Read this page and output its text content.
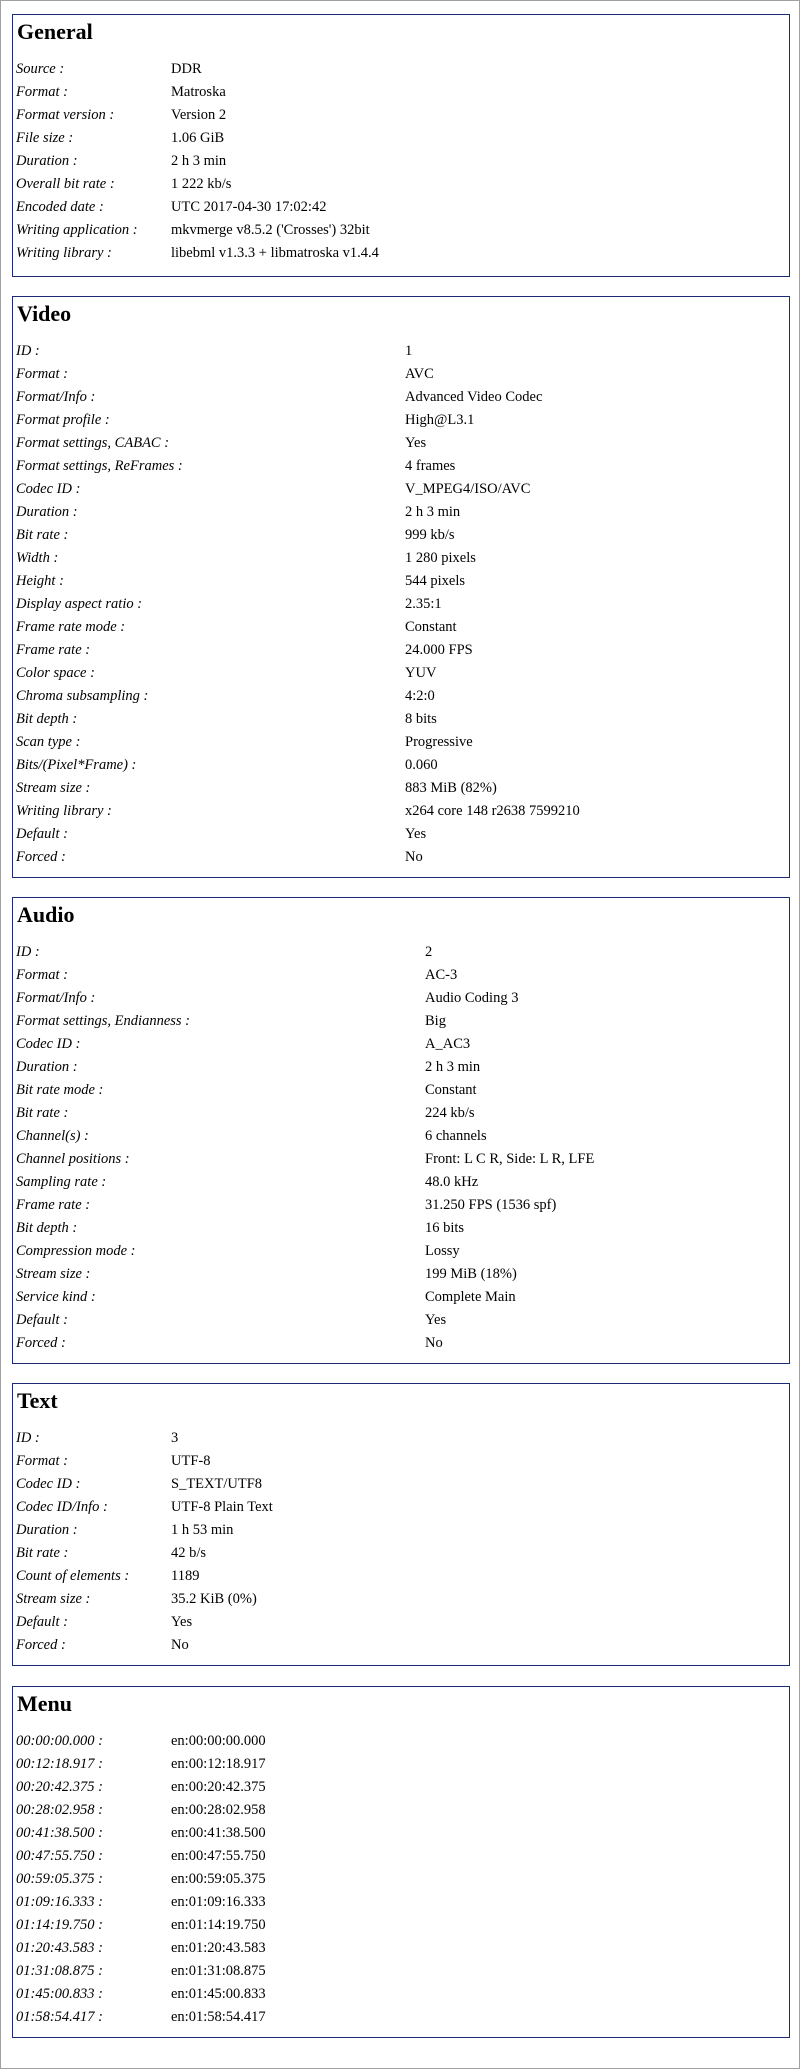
General
Source :	DDR
Format :	Matroska
Format version :	Version 2
File size :	1.06 GiB
Duration :	2 h 3 min
Overall bit rate :	1 222 kb/s
Encoded date :	UTC 2017-04-30 17:02:42
Writing application : mkvmerge v8.5.2 ('Crosses') 32bit
Writing library :	libebml v1.3.3 + libmatroska v1.4.4
Video
ID :	1
Format :	AVC
Format/Info :	Advanced Video Codec
Format profile :	High@L3.1
Format settings, CABAC :	Yes
Format settings, ReFrames :	4 frames
Codec ID :	V_MPEG4/ISO/AVC
Duration :	2 h 3 min
Bit rate :	999 kb/s
Width :	1 280 pixels
Height :	544 pixels
Display aspect ratio :	2.35:1
Frame rate mode :	Constant
Frame rate :	24.000 FPS
Color space :	YUV
Chroma subsampling :	4:2:0
Bit depth :	8 bits
Scan type :	Progressive
Bits/(Pixel*Frame) :	0.060
Stream size :	883 MiB (82%)
Writing library :	x264 core 148 r2638 7599210
Default :	Yes
Forced :	No
Audio
ID :	2
Format :	AC-3
Format/Info :	Audio Coding 3
Format settings, Endianness :	Big
Codec ID :	A_AC3
Duration :	2 h 3 min
Bit rate mode :	Constant
Bit rate :	224 kb/s
Channel(s) :	6 channels
Channel positions :	Front: L C R, Side: L R, LFE
Sampling rate :	48.0 kHz
Frame rate :	31.250 FPS (1536 spf)
Bit depth :	16 bits
Compression mode :	Lossy
Stream size :	199 MiB (18%)
Service kind :	Complete Main
Default :	Yes
Forced :	No
Text
ID :	3
Format :	UTF-8
Codec ID :	S_TEXT/UTF8
Codec ID/Info :	UTF-8 Plain Text
Duration :	1 h 53 min
Bit rate :	42 b/s
Count of elements :	1189
Stream size :	35.2 KiB (0%)
Default :	Yes
Forced :	No
Menu
00:00:00.000 :	en:00:00:00.000
00:12:18.917 :	en:00:12:18.917
00:20:42.375 :	en:00:20:42.375
00:28:02.958 :	en:00:28:02.958
00:41:38.500 :	en:00:41:38.500
00:47:55.750 :	en:00:47:55.750
00:59:05.375 :	en:00:59:05.375
01:09:16.333 :	en:01:09:16.333
01:14:19.750 :	en:01:14:19.750
01:20:43.583 :	en:01:20:43.583
01:31:08.875 :	en:01:31:08.875
01:45:00.833 :	en:01:45:00.833
01:58:54.417 :	en:01:58:54.417
